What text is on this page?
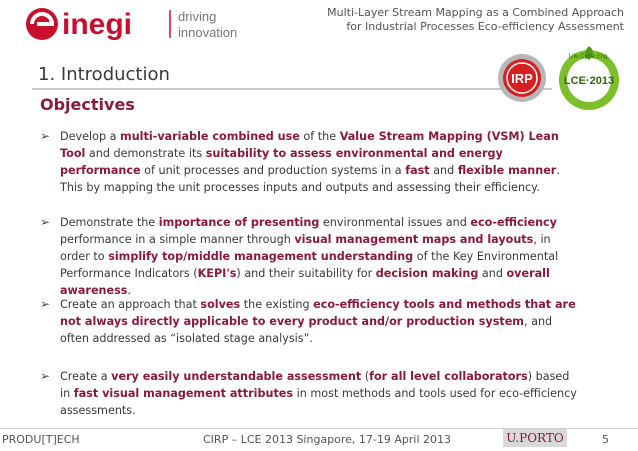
inegi	driving
innovation
Multi-Layer Stream Mapping as a Combined Approach
for Industrial Processes Eco-efficiency Assessment
1. Introduction
Objectives
IRP
Life Cycle Eng.
LCE·2013
➢ Develop a multi-variable combined use of the Value Stream Mapping (VSM) Lean Tool and demonstrate its suitability to assess environmental and energy performance of unit processes and production systems in a fast and flexible manner. This by mapping the unit processes inputs and outputs and assessing their efficiency.
➢ Demonstrate the importance of presenting environmental issues and eco-efficiency performance in a simple manner through visual management maps and layouts, in order to simplify top/middle management understanding of the Key Environmental Performance Indicators (KEPI's) and their suitability for decision making and overall awareness.
➢ Create an approach that solves the existing eco-efficiency tools and methods that are not always directly applicable to every product and/or production system, and often addressed as “isolated stage analysis”.
➢ Create a very easily understandable assessment (for all level collaborators) based in fast visual management attributes in most methods and tools used for eco-efficiency assessments.
PRODU[T]ECH	CIRP – LCE 2013 Singapore, 17-19 April 2013	U.PORTO	5
